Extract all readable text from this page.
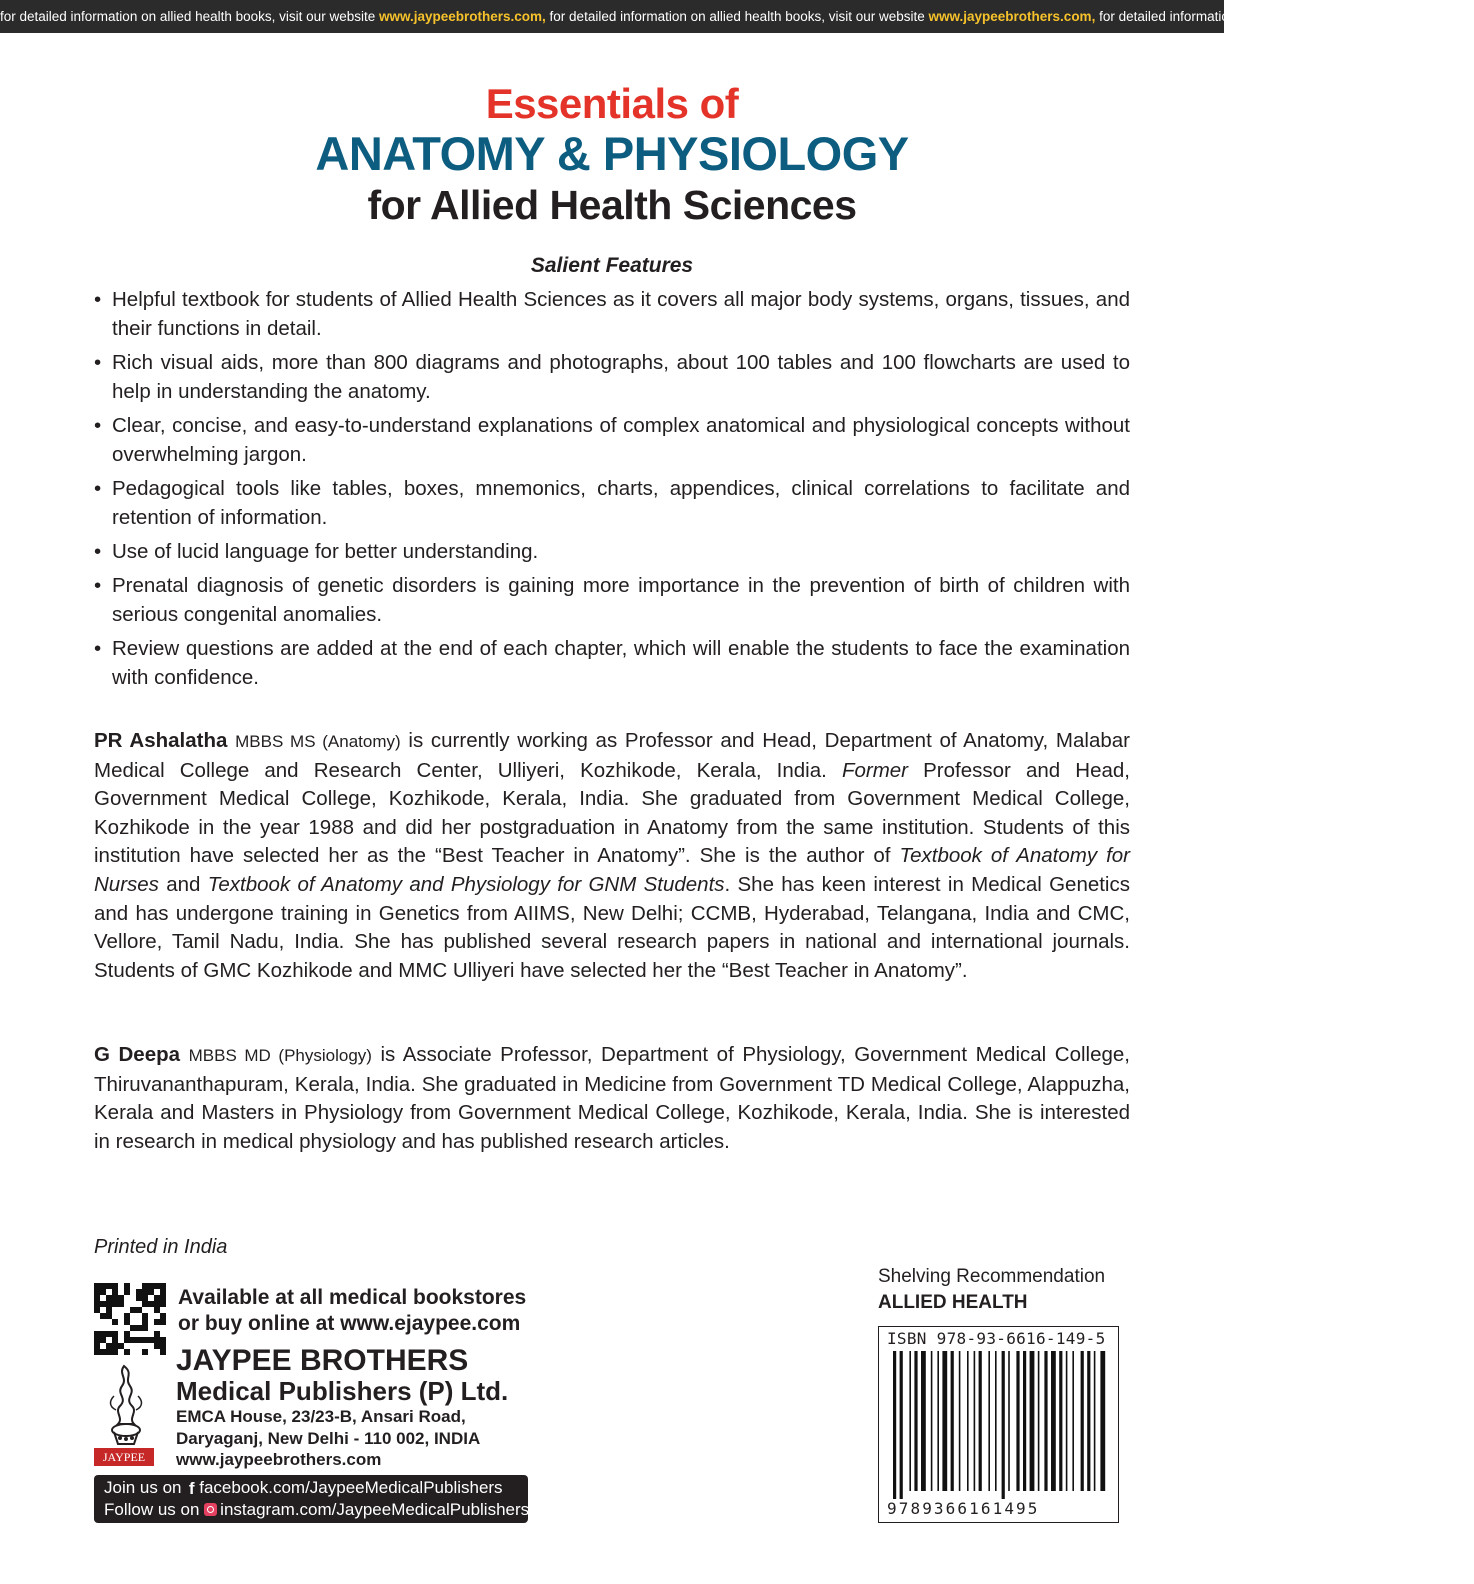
for detailed information on allied health books, visit our website www.jaypeebrothers.com, for detailed information on allied health books, visit our website www.jaypeebrothers.com, for detailed information on allied health books, visit our website
Essentials of
ANATOMY & PHYSIOLOGY
for Allied Health Sciences
Salient Features
• Helpful textbook for students of Allied Health Sciences as it covers all major body systems, organs, tissues, and their functions in detail.
• Rich visual aids, more than 800 diagrams and photographs, about 100 tables and 100 flowcharts are used to help in understanding the anatomy.
• Clear, concise, and easy-to-understand explanations of complex anatomical and physiological concepts without overwhelming jargon.
• Pedagogical tools like tables, boxes, mnemonics, charts, appendices, clinical correlations to facilitate and retention of information.
• Use of lucid language for better understanding.
• Prenatal diagnosis of genetic disorders is gaining more importance in the prevention of birth of children with serious congenital anomalies.
• Review questions are added at the end of each chapter, which will enable the students to face the examination with confidence.

PR Ashalatha MBBS MS (Anatomy) is currently working as Professor and Head, Department of Anatomy, Malabar Medical College and Research Center, Ulliyeri, Kozhikode, Kerala, India. Former Professor and Head, Government Medical College, Kozhikode, Kerala, India. She graduated from Government Medical College, Kozhikode in the year 1988 and did her postgraduation in Anatomy from the same institution. Students of this institution have selected her as the “Best Teacher in Anatomy”. She is the author of Textbook of Anatomy for Nurses and Textbook of Anatomy and Physiology for GNM Students. She has keen interest in Medical Genetics and has undergone training in Genetics from AIIMS, New Delhi; CCMB, Hyderabad, Telangana, India and CMC, Vellore, Tamil Nadu, India. She has published several research papers in national and international journals. Students of GMC Kozhikode and MMC Ulliyeri have selected her the “Best Teacher in Anatomy”.

G Deepa MBBS MD (Physiology) is Associate Professor, Department of Physiology, Government Medical College, Thiruvananthapuram, Kerala, India. She graduated in Medicine from Government TD Medical College, Alappuzha, Kerala and Masters in Physiology from Government Medical College, Kozhikode, Kerala, India. She is interested in research in medical physiology and has published research articles.

Printed in India
Available at all medical bookstores
or buy online at www.ejaypee.com
JAYPEE
JAYPEE BROTHERS
Medical Publishers (P) Ltd.
EMCA House, 23/23-B, Ansari Road,
Daryaganj, New Delhi - 110 002, INDIA
www.jaypeebrothers.com
Join us on f facebook.com/JaypeeMedicalPublishers
Follow us on instagram.com/JaypeeMedicalPublishers
Shelving Recommendation
ALLIED HEALTH
ISBN 978-93-6616-149-5
9789366161495
